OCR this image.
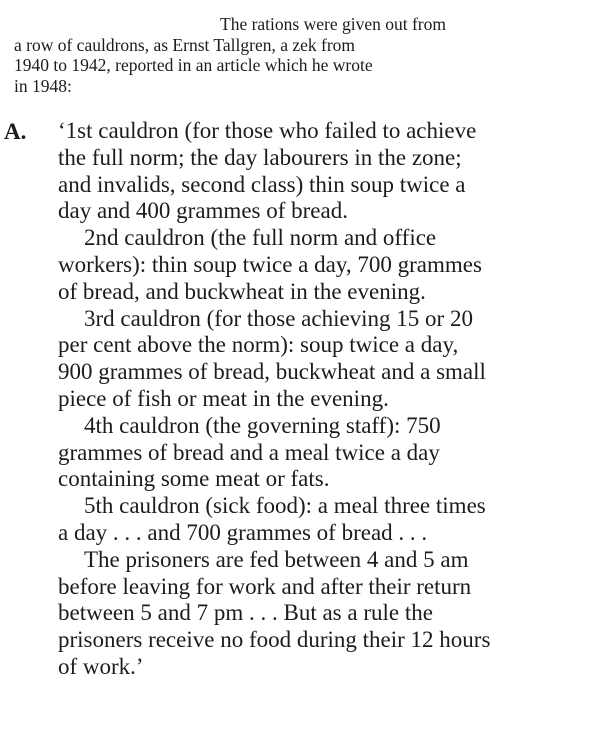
The rations were given out from
a row of cauldrons, as Ernst Tallgren, a zek from
1940 to 1942, reported in an article which he wrote
in 1948:
A. ‘1st cauldron (for those who failed to achieve
the full norm; the day labourers in the zone;
and invalids, second class) thin soup twice a
day and 400 grammes of bread.
2nd cauldron (the full norm and office
workers): thin soup twice a day, 700 grammes
of bread, and buckwheat in the evening.
3rd cauldron (for those achieving 15 or 20
per cent above the norm): soup twice a day,
900 grammes of bread, buckwheat and a small
piece of fish or meat in the evening.
4th cauldron (the governing staff): 750
grammes of bread and a meal twice a day
containing some meat or fats.
5th cauldron (sick food): a meal three times
a day . . . and 700 grammes of bread . . .
The prisoners are fed between 4 and 5 am
before leaving for work and after their return
between 5 and 7 pm . . . But as a rule the
prisoners receive no food during their 12 hours
of work.’
